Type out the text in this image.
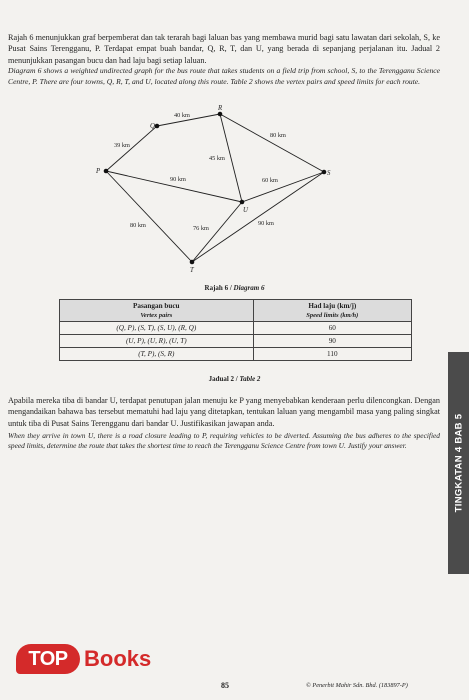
Rajah 6 menunjukkan graf berpemberat dan tak terarah bagi laluan bas yang membawa murid bagi satu lawatan dari sekolah, S, ke Pusat Sains Terengganu, P. Terdapat empat buah bandar, Q, R, T, dan U, yang berada di sepanjang perjalanan itu. Jadual 2 menunjukkan pasangan bucu dan had laju bagi setiap laluan.
Diagram 6 shows a weighted undirected graph for the bus route that takes students on a field trip from school, S, to the Terengganu Science Centre, P. There are four towns, Q, R, T, and U, located along this route. Table 2 shows the vertex pairs and speed limits for each route.
P
Q
R
S
U
T
39 km
40 km
80 km
45 km
90 km	60 km
80 km	76 km
90 km
Rajah 6 / Diagram 6
Pasangan bucu
Vertex pairs	Had laju (km/j)
Speed limits (km/h)

(Q, P), (S, T), (S, U), (R, Q)	60
(U, P), (U, R), (U, T)	90
(T, P), (S, R)	110
Jadual 2 / Table 2
Apabila mereka tiba di bandar U, terdapat penutupan jalan menuju ke P yang menyebabkan kenderaan perlu dilencongkan. Dengan mengandaikan bahawa bas tersebut mematuhi had laju yang ditetapkan, tentukan laluan yang mengambil masa yang paling singkat untuk tiba di Pusat Sains Terengganu dari bandar U. Justifikasikan jawapan anda.
When they arrive in town U, there is a road closure leading to P, requiring vehicles to be diverted. Assuming the bus adheres to the specified speed limits, determine the route that takes the shortest time to reach the Terengganu Science Centre from town U. Justify your answer.	TINGKATAN 4 BAB 5
TOP Books
85	© Penerbit Mahir Sdn. Bhd. (183897-P)
